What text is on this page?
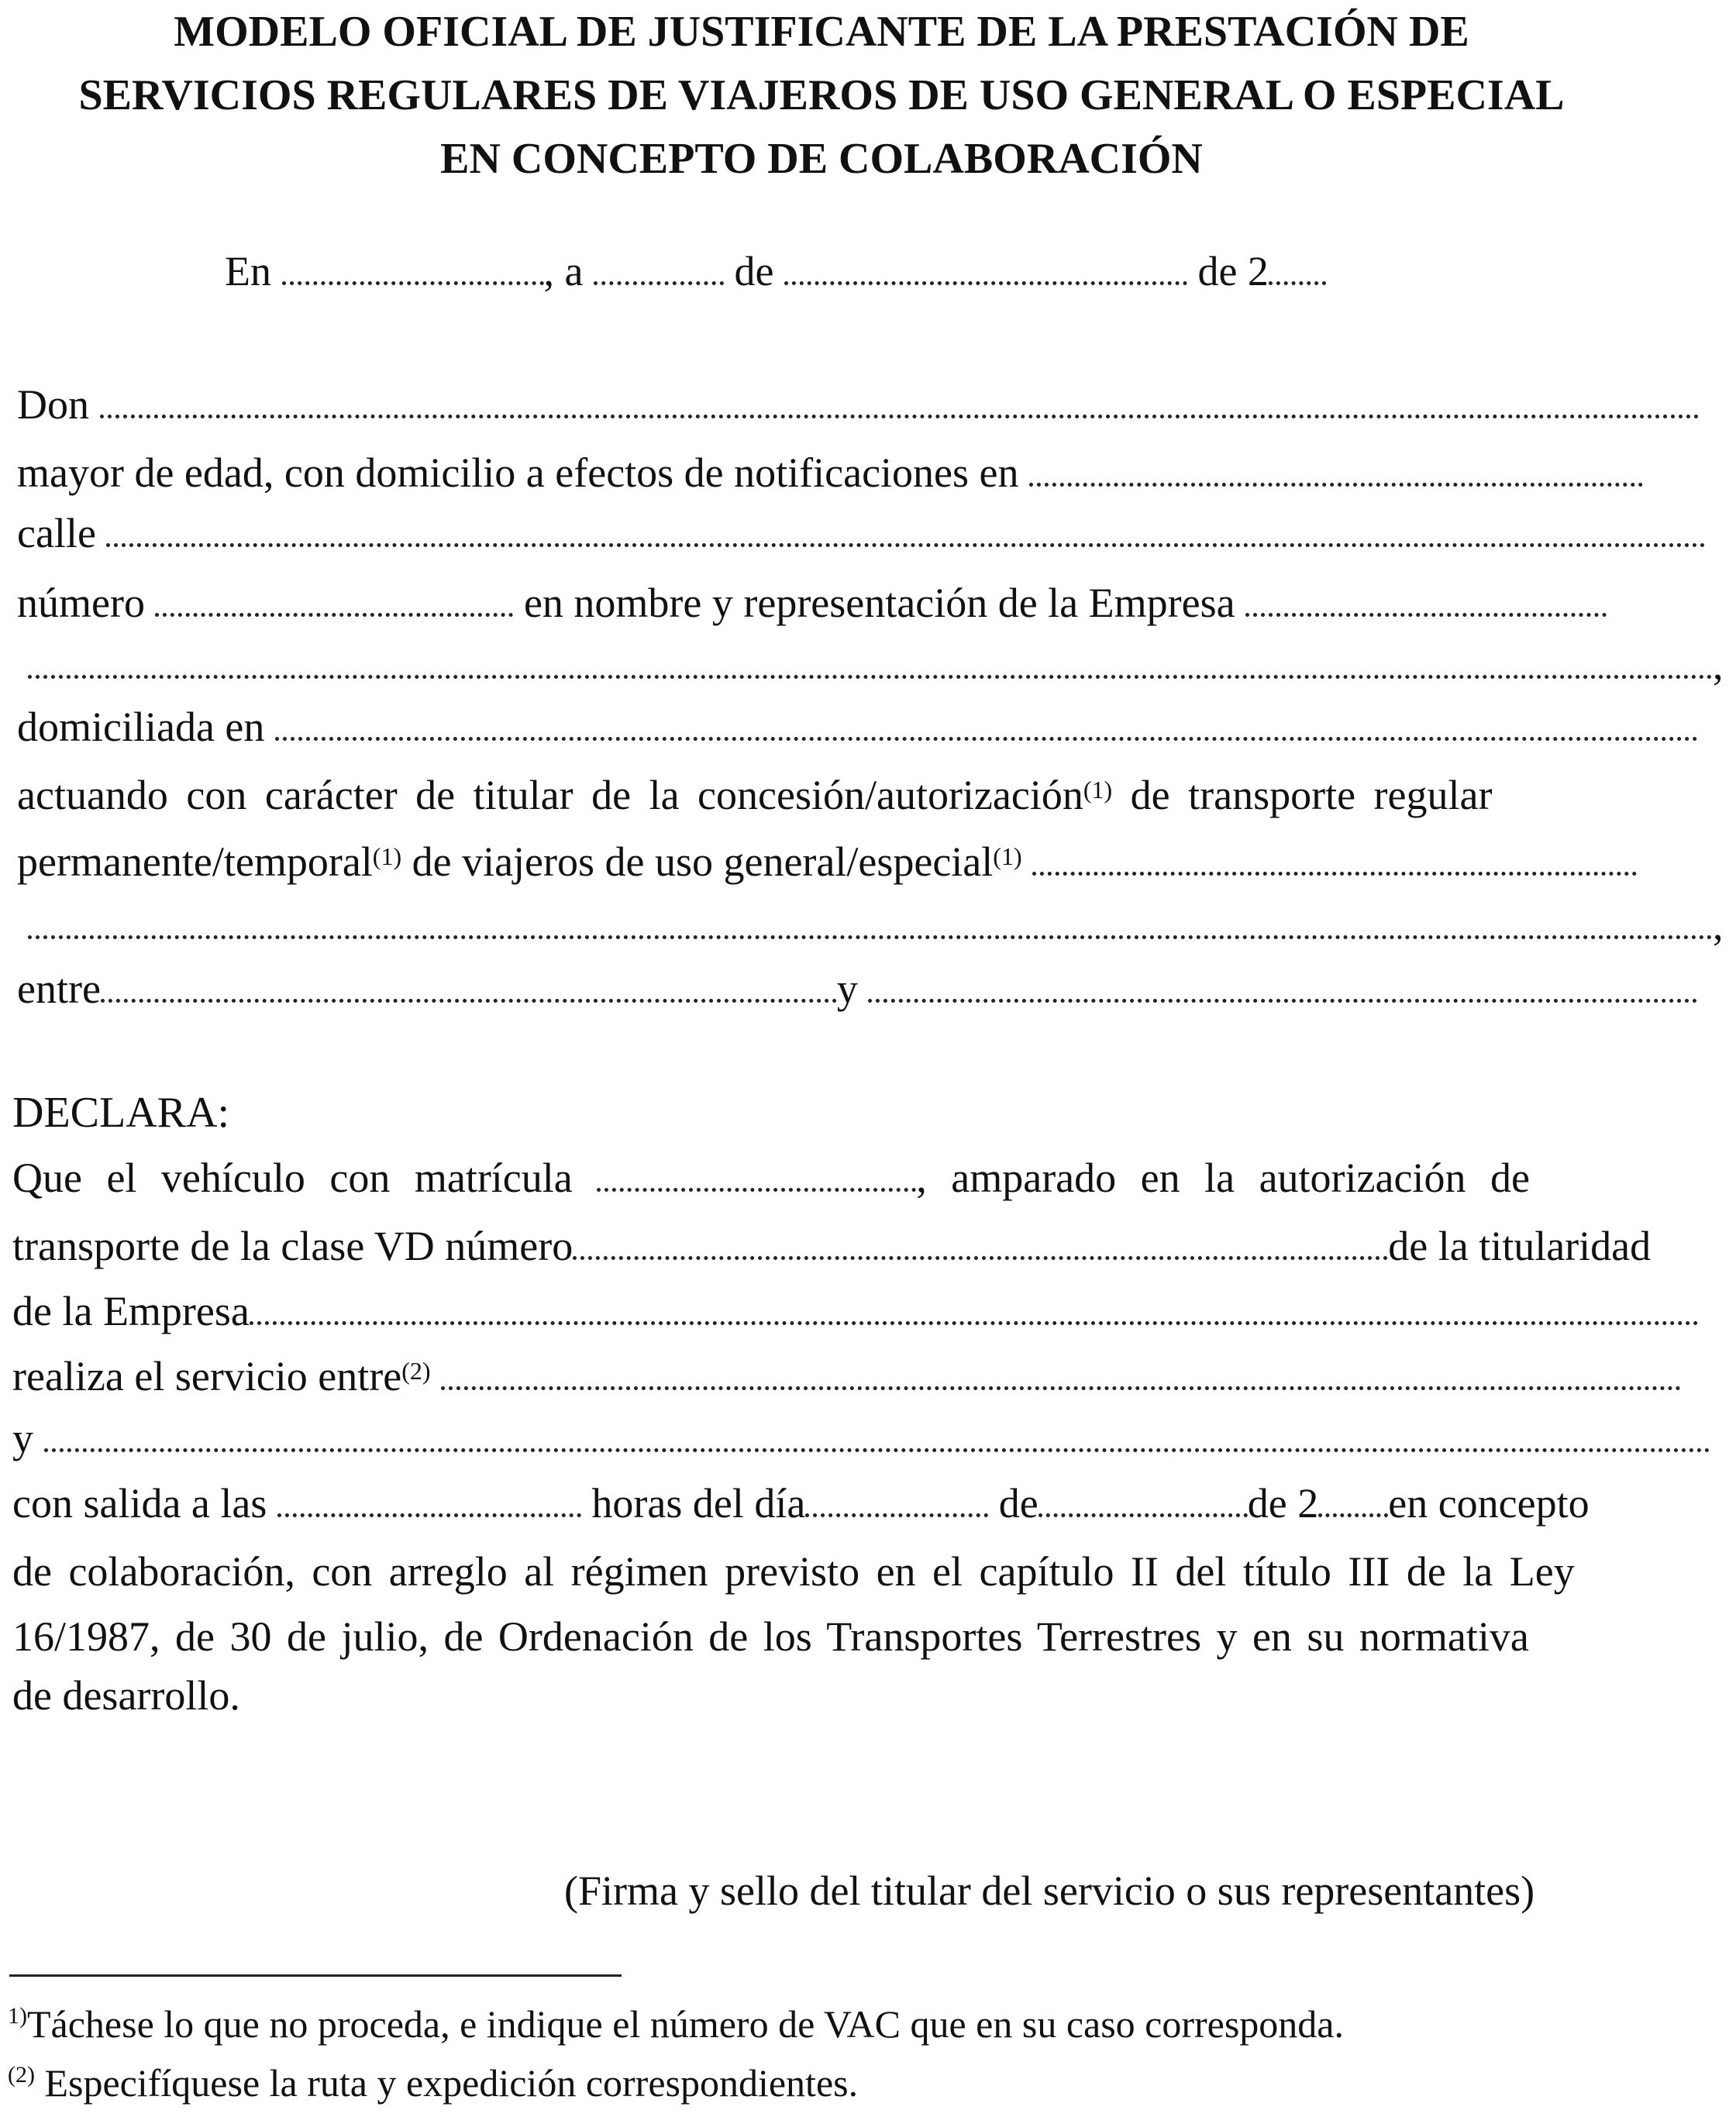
MODELO OFICIAL DE JUSTIFICANTE DE LA PRESTACIÓN DE
SERVICIOS REGULARES DE VIAJEROS DE USO GENERAL O ESPECIAL
EN CONCEPTO DE COLABORACIÓN
En	, a	de	de 2
Don
mayor de edad, con domicilio a efectos de notificaciones en
calle
número	en nombre y representación de la Empresa
,
domiciliada en
actuando con carácter de titular de la concesión/autorización$^{(1)}$ de transporte regular
permanente/temporal$^{(1)}$ de viajeros de uso general/especial$^{(1)}$
,
entre	y
DECLARA:
Que el vehículo con matrícula	, amparado en la autorización de
transporte de la clase VD número	de la titularidad
de la Empresa
realiza el servicio entre$^{(2)}$
y
con salida a las	horas del día	de	de 2 en concepto
de colaboración, con arreglo al régimen previsto en el capítulo II del título III de la Ley
16/1987, de 30 de julio, de Ordenación de los Transportes Terrestres y en su normativa
de desarrollo.
(Firma y sello del titular del servicio o sus representantes)
$^{1)}$Táchese lo que no proceda, e indique el número de VAC que en su caso corresponda.
$^{(2)}$ Especifíquese la ruta y expedición correspondientes.
